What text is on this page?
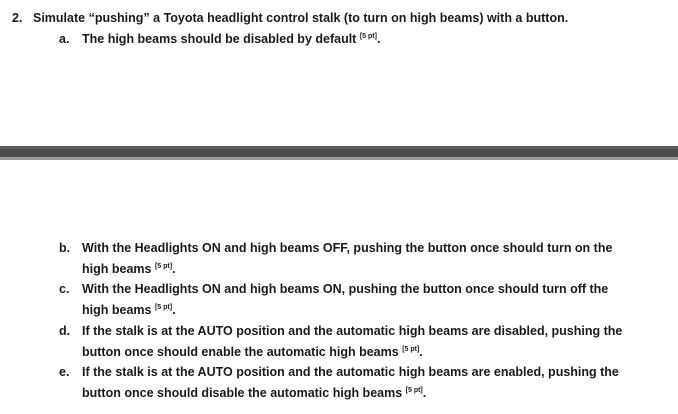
2. Simulate “pushing” a Toyota headlight control stalk (to turn on high beams) with a button.
a. The high beams should be disabled by default [5 pt].
b. With the Headlights ON and high beams OFF, pushing the button once should turn on the
high beams [5 pt].
c. With the Headlights ON and high beams ON, pushing the button once should turn off the
high beams [5 pt].
d. If the stalk is at the AUTO position and the automatic high beams are disabled, pushing the
button once should enable the automatic high beams [5 pt].
e. If the stalk is at the AUTO position and the automatic high beams are enabled, pushing the
button once should disable the automatic high beams [5 pt].
